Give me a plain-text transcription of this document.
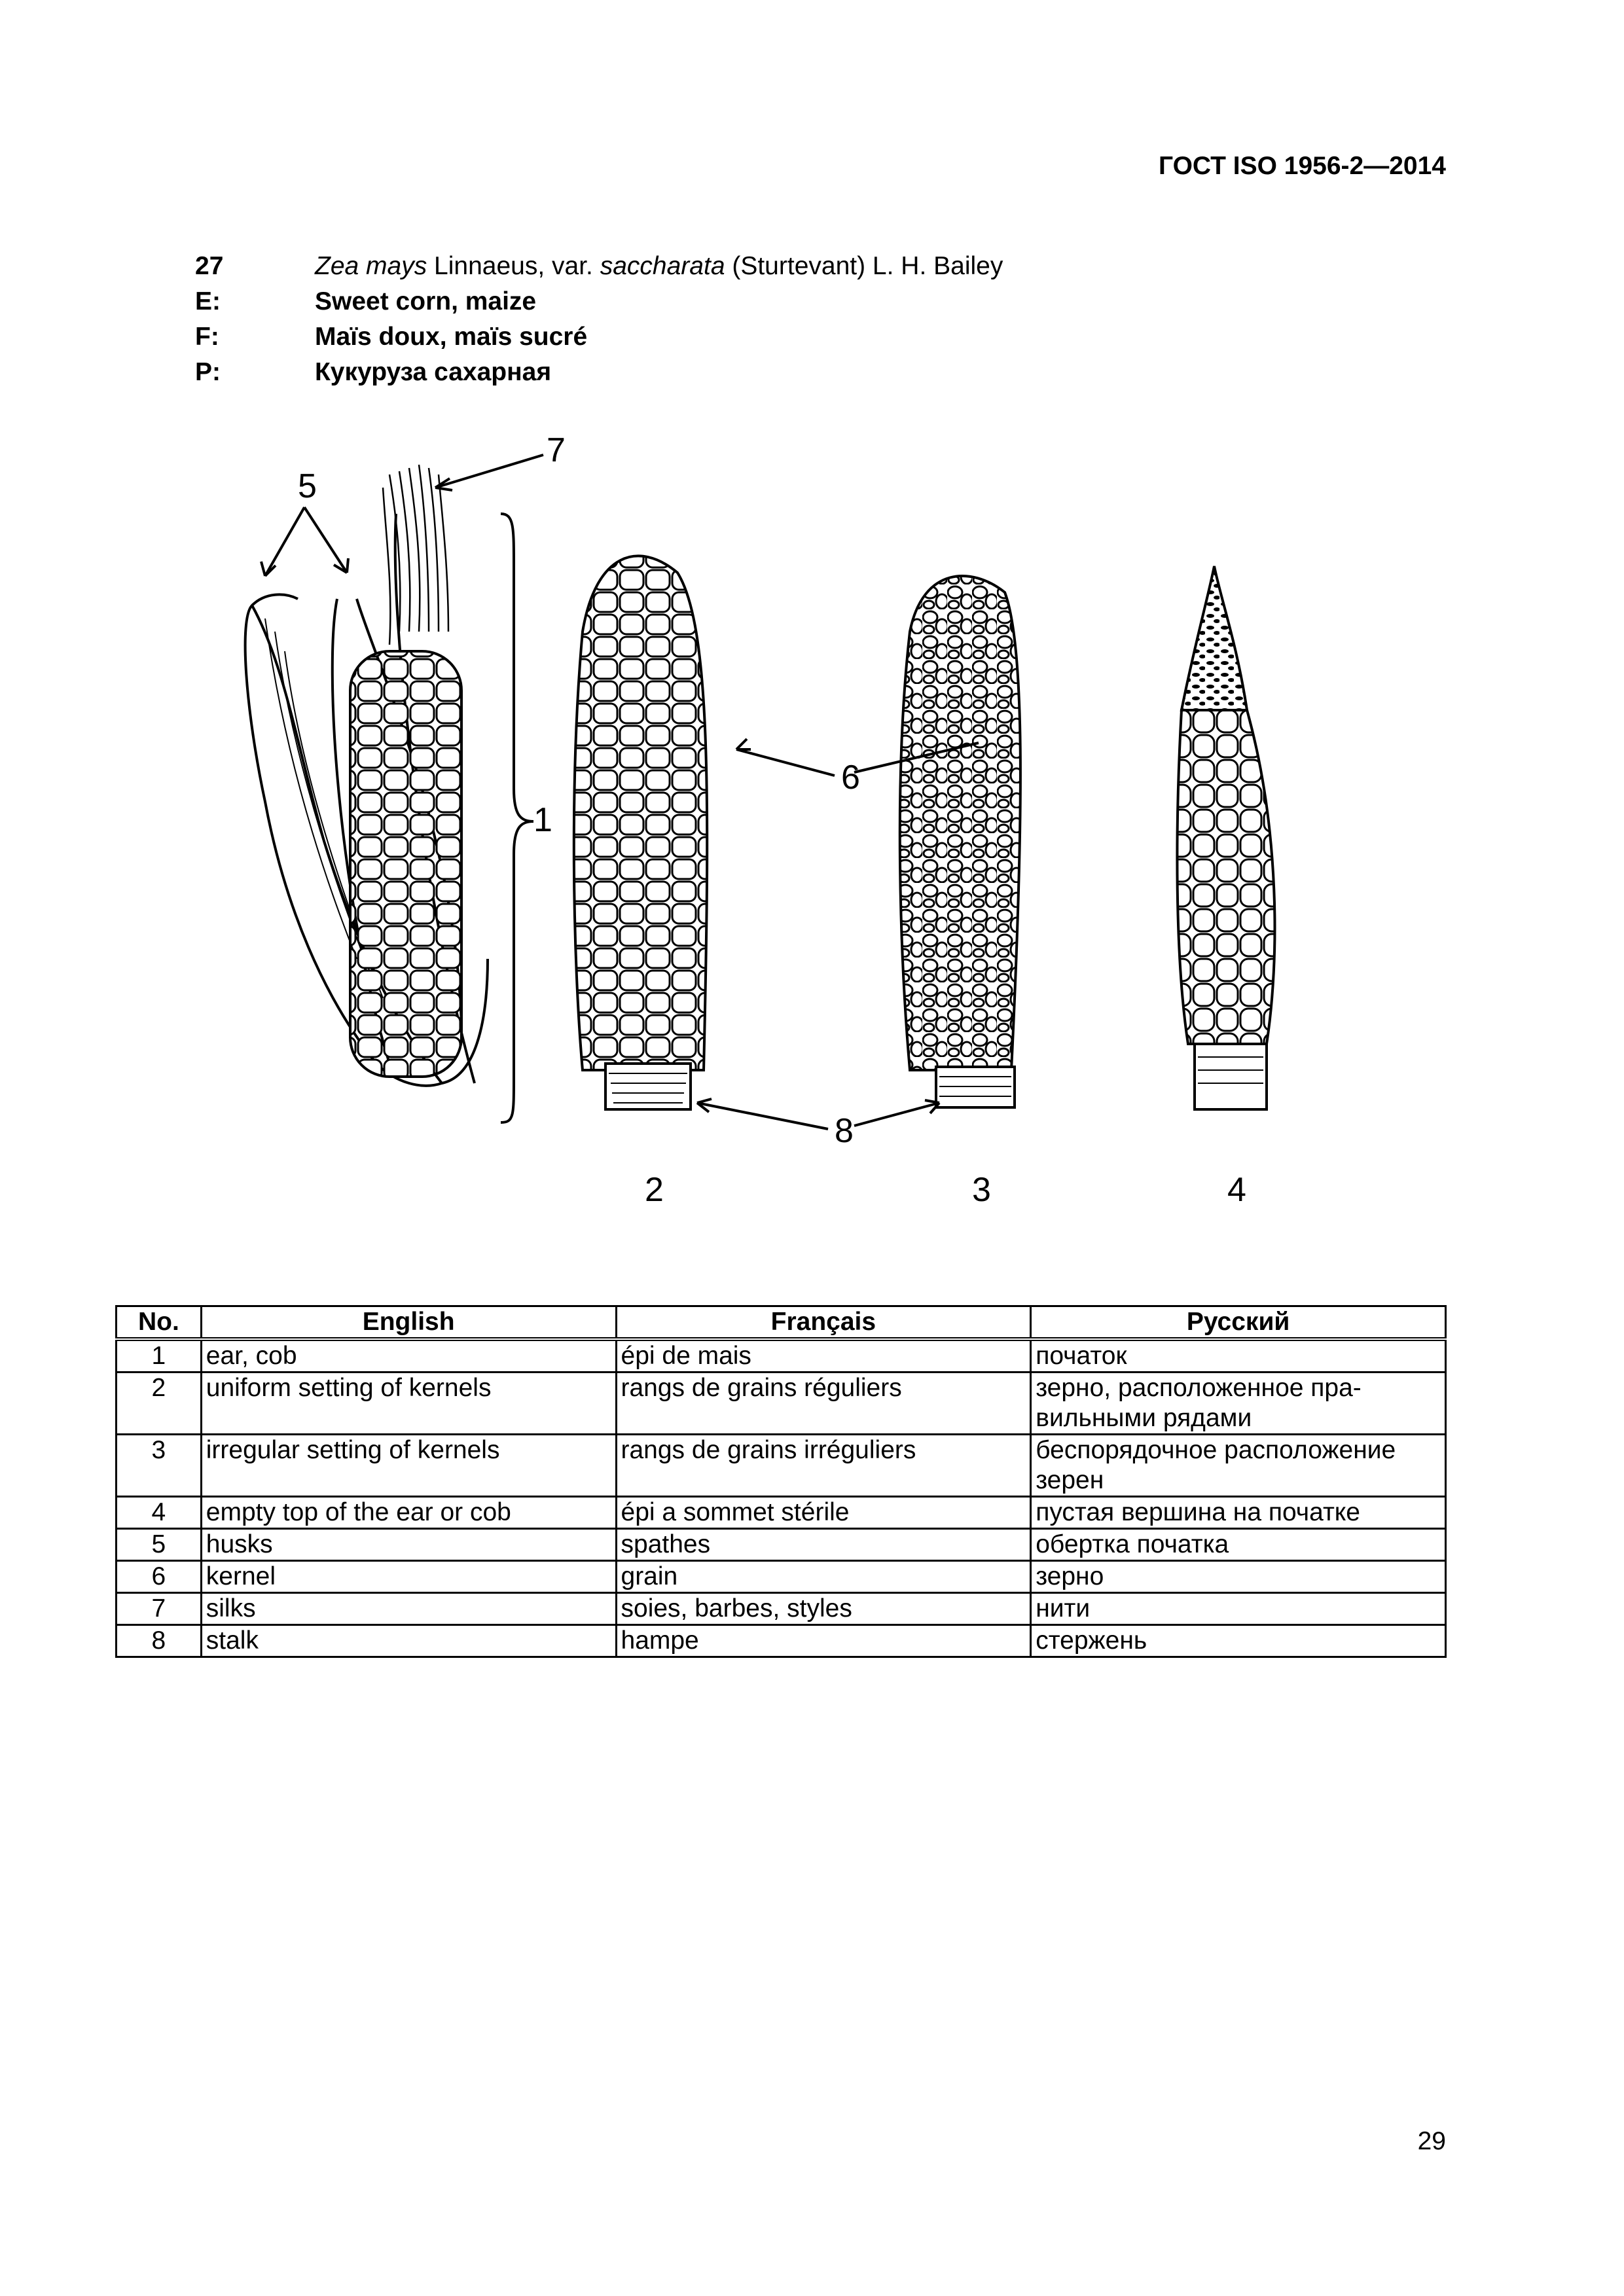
ГОСТ ISO 1956-2—2014
27	Zea mays Linnaeus, var. saccharata (Sturtevant) L. H. Bailey
E:	Sweet corn, maize
F:	Maïs doux, maïs sucré
P:	Кукуруза сахарная
5
7
1
6
8
2	3	4
No.	English	Français	Русский
1	ear, cob	épi de mais	початок
2	uniform setting of kernels	rangs de grains réguliers	зерно, расположенное пра-вильными рядами
3	irregular setting of kernels	rangs de grains irréguliers	беспорядочное расположение зерен
4	empty top of the ear or cob	épi a sommet stérile	пустая вершина на початке
5	husks	spathes	обертка початка
6	kernel	grain	зерно
7	silks	soies, barbes, styles	нити
8	stalk	hampe	стержень
29
